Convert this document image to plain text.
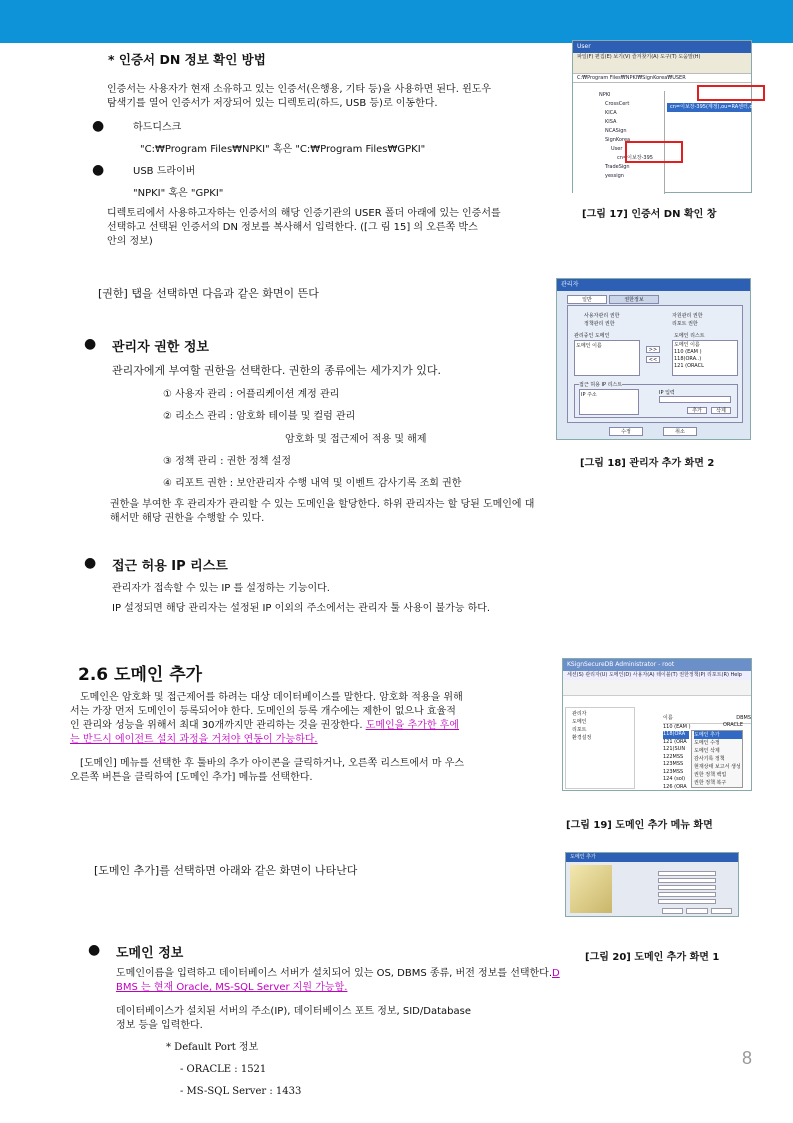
* 인증서 DN 정보 확인 방법
인증서는 사용자가 현재 소유하고 있는 인증서(은행용, 기타 등)을 사용하면 된다. 윈도우
탐색기를 열어 인증서가 저장되어 있는 디렉토리(하드, USB 등)로 이동한다.
●	하드디스크
"C:₩Program Files₩NPKI" 혹은 "C:₩Program Files₩GPKI"
●	USB 드라이버
"NPKI" 혹은 "GPKI"
디렉토리에서 사용하고자하는 인증서의 해당 인증기관의 USER 폴더 아래에 있는 인증서를
선택하고 선택된 인증서의 DN 정보를 복사해서 입력한다. ([그 림 15] 의 오른쪽 박스
안의 정보)
User
파일(F) 편집(E) 보기(V) 즐겨찾기(A) 도구(T) 도움말(H)
C:₩Program Files₩NPKI₩SignKorea₩USER
NPKI
CrossCert
KICA
KISA
NCASign
SignKorea
User
cn=이보장-395
TradeSign
yessign
cn=이보장-395(계정),ou=RA센터,ou=...
[그림 17] 인증서 DN 확인 창
[권한] 탭을 선택하면 다음과 같은 화면이 뜬다
관리자
일반	권한정보
사용자관리 권한	자원관리 권한
정책관리 권한	리포트 권한
관리중인 도메인	도메인 리스트
도메인 이름
>>
<<
도메인 이름
110 (EAM )
118(ORA..)
121 (ORACL
접근 허용 IP 리스트
IP 주소	IP 입력
추가	삭제
수정	취소
[그림 18] 관리자 추가 화면 2
● 관리자 권한 정보
관리자에게 부여할 권한을 선택한다. 권한의 종류에는 세가지가 있다.
① 사용자 관리 : 어플리케이션 계정 관리
② 리소스 관리 : 암호화 테이블 및 컬럼 관리
암호화 및 접근제어 적용 및 해제
③ 정책 관리 : 권한 정책 설정
④ 리포트 권한 : 보안관리자 수행 내역 및 이벤트 감사기록 조회 권한
권한을 부여한 후 관리자가 관리할 수 있는 도메인을 할당한다. 하위 관리자는 할 당된 도메인에 대
해서만 해당 권한을 수행할 수 있다.
● 접근 허용 IP 리스트
관리자가 접속할 수 있는 IP 를 설정하는 기능이다.
IP 설정되면 해당 관리자는 설정된 IP 이외의 주소에서는 관리자 툴 사용이 불가능 하다.
2.6 도메인 추가
도메인은 암호화 및 접근제어를 하려는 대상 데이터베이스를 말한다. 암호화 적용을 위해
서는 가장 먼저 도메인이 등록되어야 한다. 도메인의 등록 개수에는 제한이 없으나 효율적
인 관리와 성능을 위해서 최대 30개까지만 관리하는 것을 권장한다. 도메인을 추가한 후에
는 반드시 에이전트 설치 과정을 거쳐야 연동이 가능하다.
[도메인] 메뉴를 선택한 후 툴바의 추가 아이콘을 클릭하거나, 오른쪽 리스트에서 마 우스
오른쪽 버튼을 클릭하여 [도메인 추가] 메뉴를 선택한다.
KSignSecureDB Administrator - root
세션(S) 관리자(U) 도메인(D) 사용자(A) 테이블(T) 권한정책(P) 리포트(R) Help
관리자
도메인
리포트
환경설정
이름	DBMS
110 (EAM )
118(ORA
121 (ORA
121(SUN
122MSS
123MSS
123MSS
124 (sol)
126 (ORA
ORACLE
도메인 추가
도메인 수정
도메인 삭제
감사기록 정책
현재상태 보고서 생성
권한 정책 백업
권한 정책 복구
[그림 19] 도메인 추가 메뉴 화면
[도메인 추가]를 선택하면 아래와 같은 화면이 나타난다
도메인 추가
[그림 20] 도메인 추가 화면 1
● 도메인 정보
도메인이름을 입력하고 데이터베이스 서버가 설치되어 있는 OS, DBMS 종류, 버전 정보를 선택한다.D
BMS 는 현재 Oracle, MS-SQL Server 지원 가능함.
데이터베이스가 설치된 서버의 주소(IP), 데이터베이스 포트 정보, SID/Database
정보 등을 입력한다.
* Default Port 정보
- ORACLE : 1521
- MS-SQL Server : 1433
8
